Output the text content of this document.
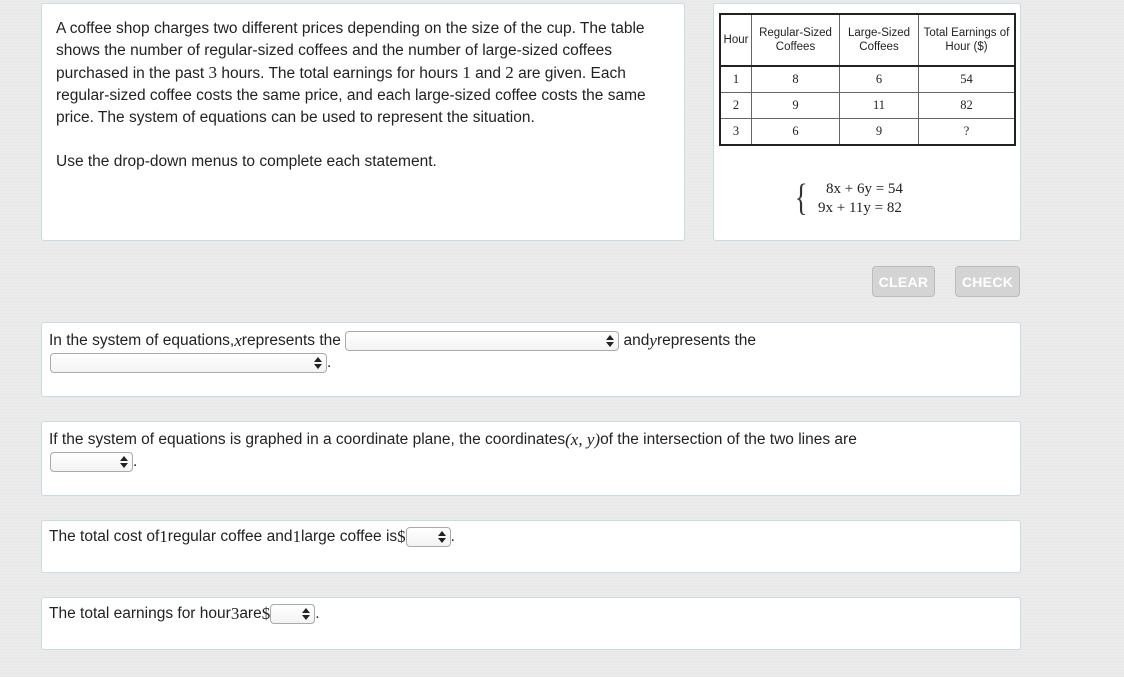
A coffee shop charges two different prices depending on the size of the cup. The table shows the number of regular-sized coffees and the number of large-sized coffees purchased in the past 3 hours. The total earnings for hours 1 and 2 are given. Each regular-sized coffee costs the same price, and each large-sized coffee costs the same price. The system of equations can be used to represent the situation.

Use the drop-down menus to complete each statement.

Hour	Regular-Sized Coffees	Large-Sized Coffees	Total Earnings of Hour ($)
1	8	6	54
2	9	11	82
3	6	9	?
{ 8x + 6y = 54
9x + 11y = 82
CLEAR	CHECK
In the system of equations, x represents the

	and y represents the
.
If the system of equations is graphed in a coordinate plane, the coordinates (x, y) of the intersection of the two lines are
.
The total cost of 1 regular coffee and 1 large coffee is $	.
The total earnings for hour 3 are $	.
